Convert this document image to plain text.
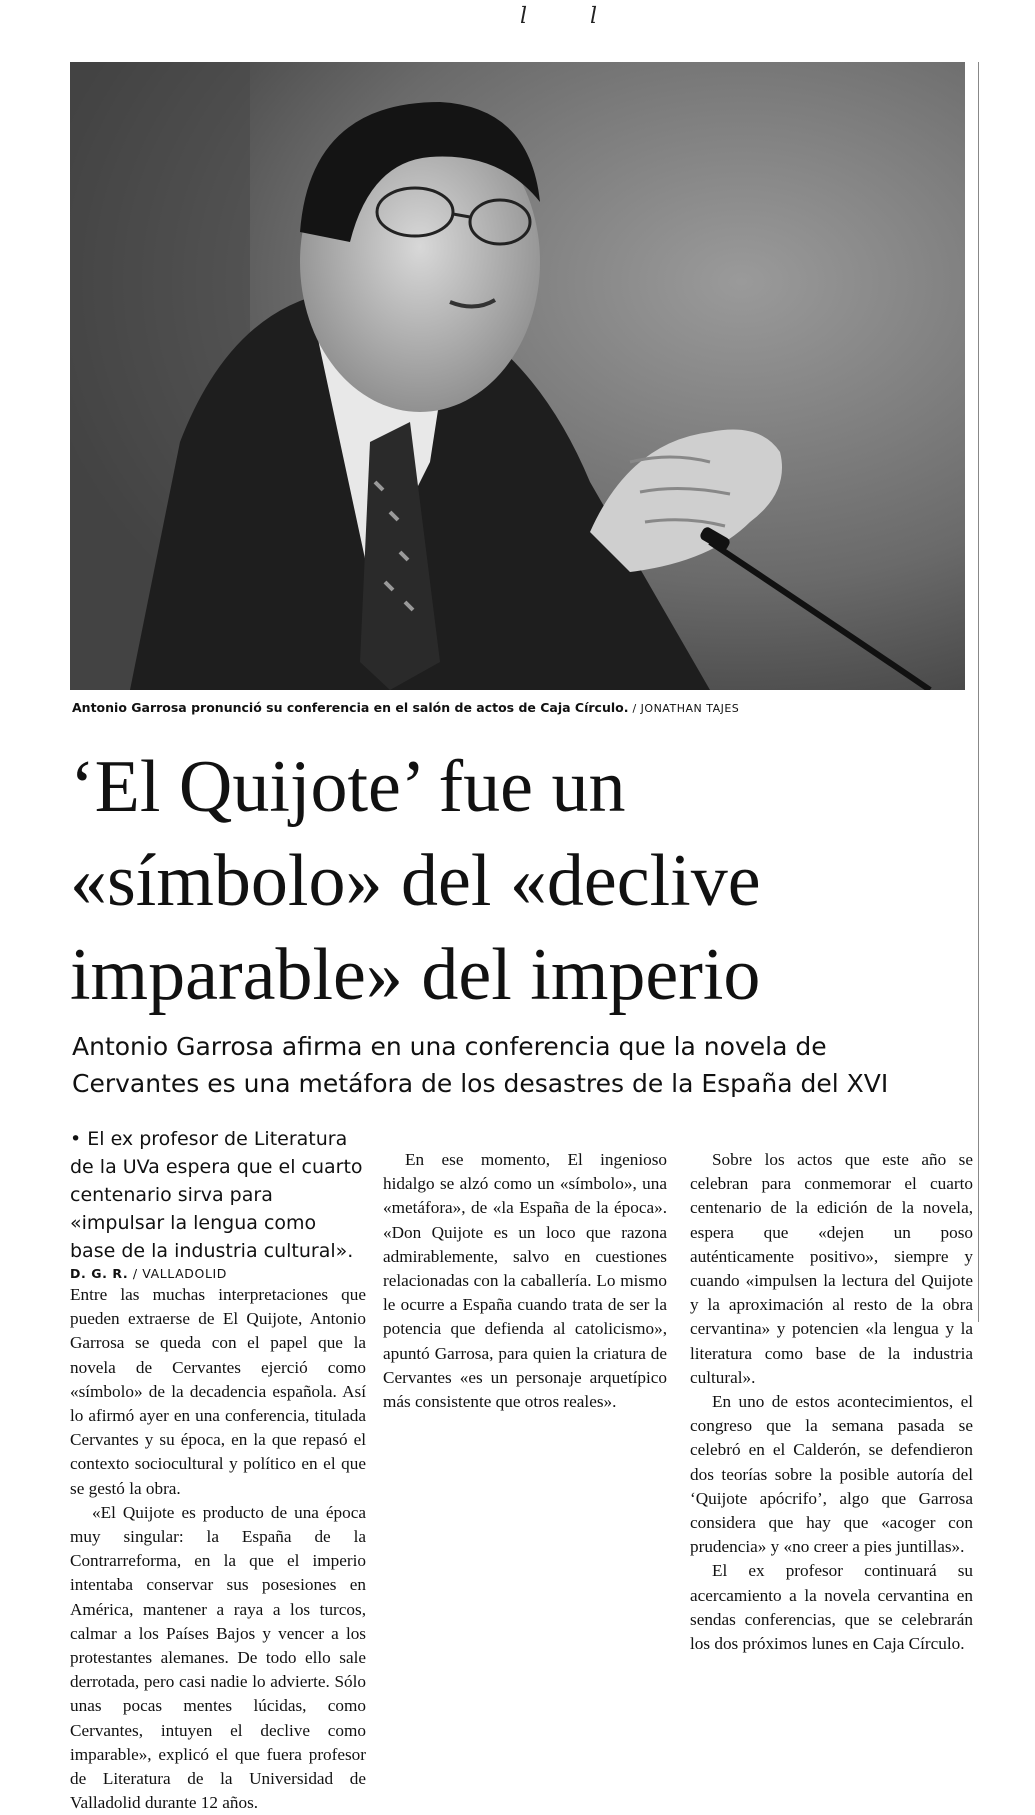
l l
Antonio Garrosa pronunció su conferencia en el salón de actos de Caja Círculo. / JONATHAN TAJES
‘El Quijote’ fue un
«símbolo» del «declive
imparable» del imperio
Antonio Garrosa afirma en una conferencia que la novela de
Cervantes es una metáfora de los desastres de la España del XVI

• El ex profesor de Literatura de la UVa espera que el cuarto centenario sirva para «impulsar la lengua como base de la industria cultural».

D. G. R. / VALLADOLID

Entre las muchas interpretaciones que pueden extraerse de El Quijote, Antonio Garrosa se queda con el papel que la novela de Cervantes ejerció como «símbolo» de la decadencia española. Así lo afirmó ayer en una conferencia, titulada Cervantes y su época, en la que repasó el contexto sociocultural y político en el que se gestó la obra.

«El Quijote es producto de una época muy singular: la España de la Contrarreforma, en la que el imperio intentaba conservar sus posesiones en América, mantener a raya a los turcos, calmar a los Países Bajos y vencer a los protestantes alemanes. De todo ello sale derrotada, pero casi nadie lo advierte. Sólo unas pocas mentes lúcidas, como Cervantes, intuyen el declive como imparable», explicó el que fuera profesor de Literatura de la Universidad de Valladolid durante 12 años.

En ese momento, El ingenioso hidalgo se alzó como un «símbolo», una «metáfora», de «la España de la época». «Don Quijote es un loco que razona admirablemente, salvo en cuestiones relacionadas con la caballería. Lo mismo le ocurre a España cuando trata de ser la potencia que defienda al catolicismo», apuntó Garrosa, para quien la criatura de Cervantes «es un personaje arquetípico más consistente que otros reales».

Sobre los actos que este año se celebran para conmemorar el cuarto centenario de la edición de la novela, espera que «dejen un poso auténticamente positivo», siempre y cuando «impulsen la lectura del Quijote y la aproximación al resto de la obra cervantina» y potencien «la lengua y la literatura como base de la industria cultural».

En uno de estos acontecimientos, el congreso que la semana pasada se celebró en el Calderón, se defendieron dos teorías sobre la posible autoría del ‘Quijote apócrifo’, algo que Garrosa considera que hay que «acoger con prudencia» y «no creer a pies juntillas».

El ex profesor continuará su acercamiento a la novela cervantina en sendas conferencias, que se celebrarán los dos próximos lunes en Caja Círculo.
